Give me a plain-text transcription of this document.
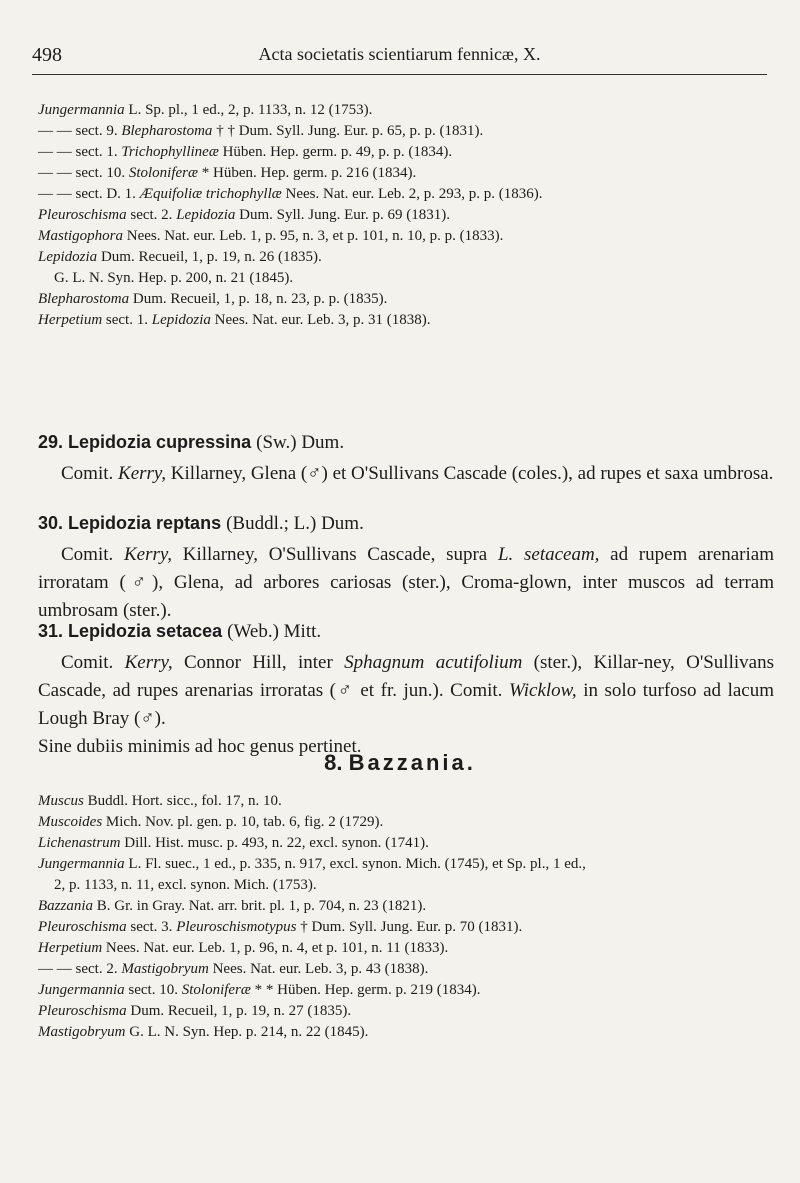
498	Acta societatis scientiarum fennicæ, X.
Jungermannia L. Sp. pl., 1 ed., 2, p. 1133, n. 12 (1753).
— — sect. 9. Blepharostoma † † Dum. Syll. Jung. Eur. p. 65, p. p. (1831).
— — sect. 1. Trichophyllineæ Hüben. Hep. germ. p. 49, p. p. (1834).
— — sect. 10. Stoloniferæ * Hüben. Hep. germ. p. 216 (1834).
— — sect. D. 1. Æquifoliæ trichophyllæ Nees. Nat. eur. Leb. 2, p. 293, p. p. (1836).
Pleuroschisma sect. 2. Lepidozia Dum. Syll. Jung. Eur. p. 69 (1831).
Mastigophora Nees. Nat. eur. Leb. 1, p. 95, n. 3, et p. 101, n. 10, p. p. (1833).
Lepidozia Dum. Recueil, 1, p. 19, n. 26 (1835).
G. L. N. Syn. Hep. p. 200, n. 21 (1845).
Blepharostoma Dum. Recueil, 1, p. 18, n. 23, p. p. (1835).
Herpetium sect. 1. Lepidozia Nees. Nat. eur. Leb. 3, p. 31 (1838).
29. Lepidozia cupressina (Sw.) Dum.

Comit. Kerry, Killarney, Glena (♂) et O'Sullivans Cascade (coles.), ad rupes et saxa umbrosa.

30. Lepidozia reptans (Buddl.; L.) Dum.

Comit. Kerry, Killarney, O'Sullivans Cascade, supra L. setaceam, ad rupem arenariam irroratam (♂), Glena, ad arbores cariosas (ster.), Croma-glown, inter muscos ad terram umbrosam (ster.).

31. Lepidozia setacea (Web.) Mitt.

Comit. Kerry, Connor Hill, inter Sphagnum acutifolium (ster.), Killar-ney, O'Sullivans Cascade, ad rupes arenarias irroratas (♂ et fr. jun.). Comit. Wicklow, in solo turfoso ad lacum Lough Bray (♂).
Sine dubiis minimis ad hoc genus pertinet.

8. Bazzania.
Muscus Buddl. Hort. sicc., fol. 17, n. 10.
Muscoides Mich. Nov. pl. gen. p. 10, tab. 6, fig. 2 (1729).
Lichenastrum Dill. Hist. musc. p. 493, n. 22, excl. synon. (1741).
Jungermannia L. Fl. suec., 1 ed., p. 335, n. 917, excl. synon. Mich. (1745), et Sp. pl., 1 ed.,
2, p. 1133, n. 11, excl. synon. Mich. (1753).
Bazzania B. Gr. in Gray. Nat. arr. brit. pl. 1, p. 704, n. 23 (1821).
Pleuroschisma sect. 3. Pleuroschismotypus † Dum. Syll. Jung. Eur. p. 70 (1831).
Herpetium Nees. Nat. eur. Leb. 1, p. 96, n. 4, et p. 101, n. 11 (1833).
— — sect. 2. Mastigobryum Nees. Nat. eur. Leb. 3, p. 43 (1838).
Jungermannia sect. 10. Stoloniferæ * * Hüben. Hep. germ. p. 219 (1834).
Pleuroschisma Dum. Recueil, 1, p. 19, n. 27 (1835).
Mastigobryum G. L. N. Syn. Hep. p. 214, n. 22 (1845).
